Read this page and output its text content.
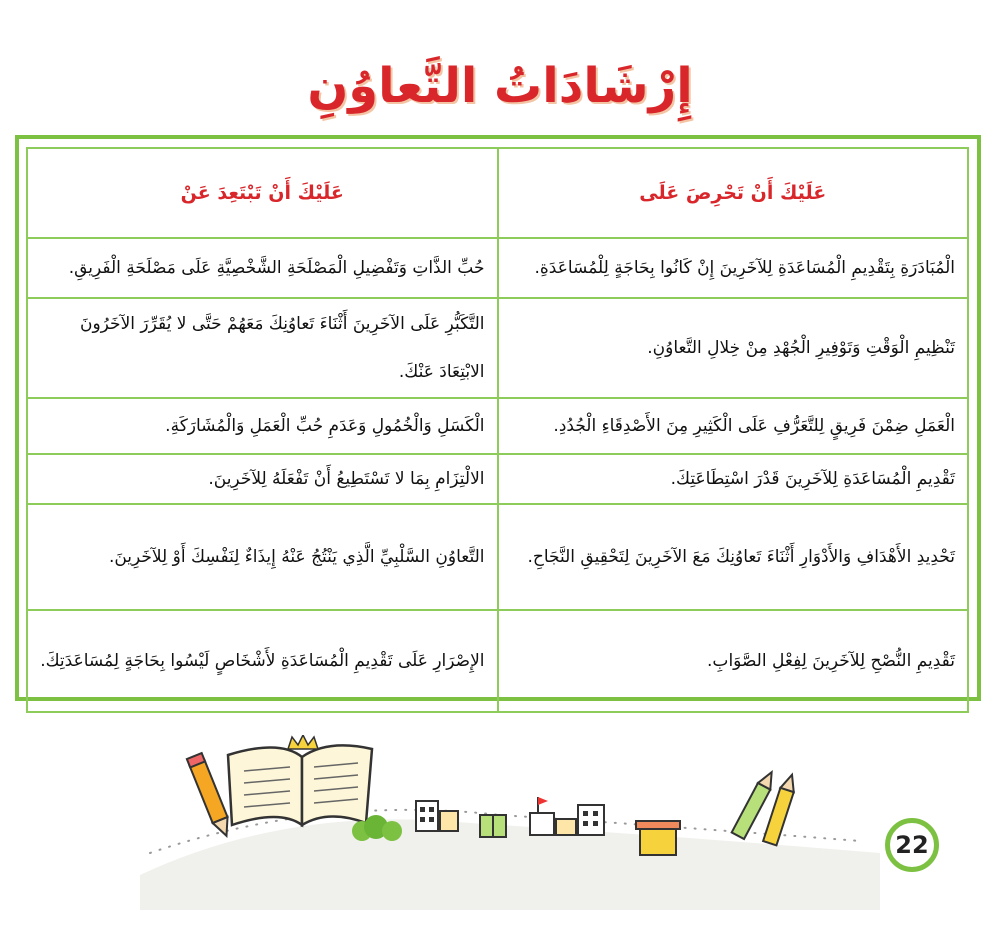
إِرْشَادَاتُ التَّعاوُنِ
عَلَيْكَ أَنْ تَحْرِصَ عَلَى	عَلَيْكَ أَنْ تَبْتَعِدَ عَنْ
الْمُبَادَرَةِ بِتَقْدِيمِ الْمُسَاعَدَةِ لِلآخَرِينَ إِنْ كَانُوا بِحَاجَةٍ لِلْمُسَاعَدَةِ.	حُبِّ الذَّاتِ وَتَفْضِيلِ الْمَصْلَحَةِ الشَّخْصِيَّةِ عَلَى مَصْلَحَةِ الْفَرِيقِ.
تَنْظِيمِ الْوَقْتِ وَتَوْفِيرِ الْجُهْدِ مِنْ خِلالِ التَّعاوُنِ.	التَّكَبُّرِ عَلَى الآخَرِينَ أَثْنَاءَ تَعاوُنِكَ مَعَهُمْ حَتَّى لا يُقَرِّرَ الآخَرُونَ الابْتِعَادَ عَنْكَ.
الْعَمَلِ ضِمْنَ فَرِيقٍ لِلتَّعَرُّفِ عَلَى الْكَثِيرِ مِنَ الأَصْدِقَاءِ الْجُدُدِ.	الْكَسَلِ وَالْخُمُولِ وَعَدَمِ حُبِّ الْعَمَلِ وَالْمُشَارَكَةِ.
تَقْدِيمِ الْمُسَاعَدَةِ لِلآخَرِينَ قَدْرَ اسْتِطَاعَتِكَ.	الالْتِزَامِ بِمَا لا تَسْتَطِيعُ أَنْ تَفْعَلَهُ لِلآخَرِينَ.
تَحْدِيدِ الأَهْدَافِ وَالأَدْوَارِ أَثْنَاءَ تَعاوُنِكَ مَعَ الآخَرِينَ لِتَحْقِيقِ النَّجَاحِ.	التَّعاوُنِ السَّلْبِيِّ الَّذِي يَنْتُجُ عَنْهُ إِيذَاءٌ لِنَفْسِكَ أَوْ لِلآخَرِينَ.
تَقْدِيمِ النُّصْحِ لِلآخَرِينَ لِفِعْلِ الصَّوَابِ.	الإِصْرَارِ عَلَى تَقْدِيمِ الْمُسَاعَدَةِ لأَشْخَاصٍ لَيْسُوا بِحَاجَةٍ لِمُسَاعَدَتِكَ.
22
